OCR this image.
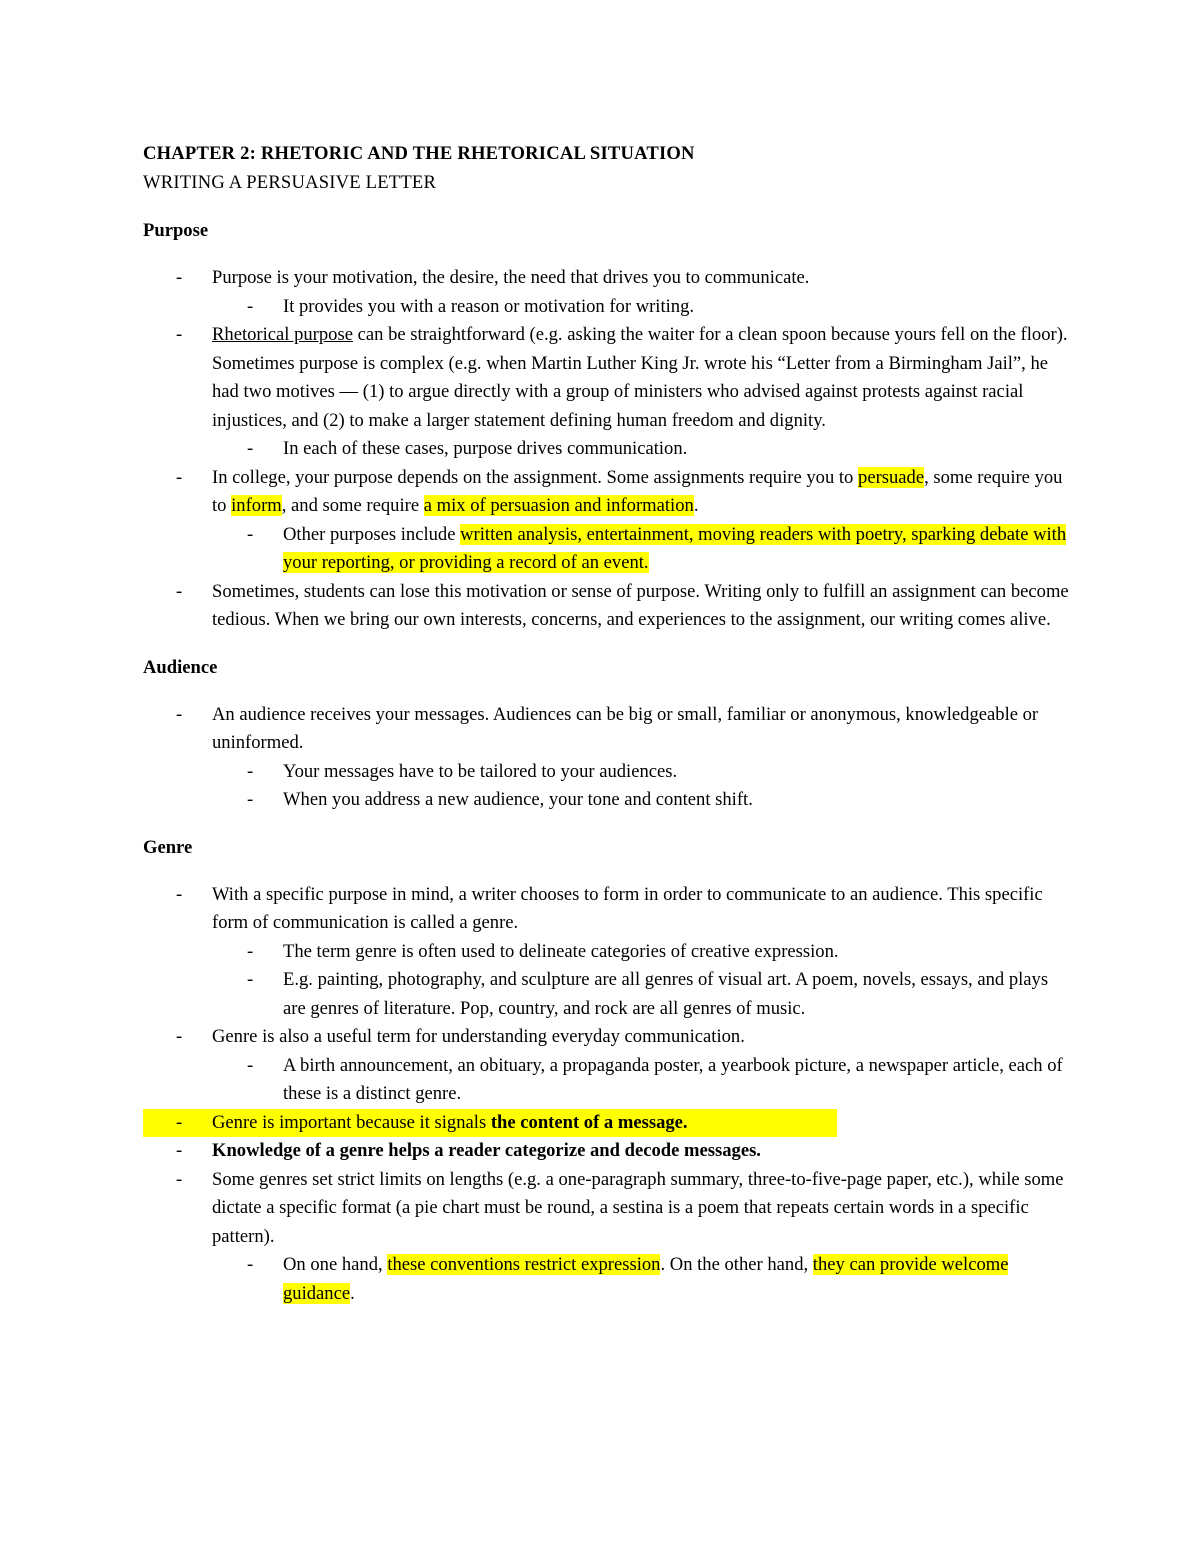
CHAPTER 2: RHETORIC AND THE RHETORICAL SITUATION
WRITING A PERSUASIVE LETTER
Purpose
- Purpose is your motivation, the desire, the need that drives you to communicate.
- It provides you with a reason or motivation for writing.
- Rhetorical purpose can be straightforward (e.g. asking the waiter for a clean spoon because yours fell on the floor). Sometimes purpose is complex (e.g. when Martin Luther King Jr. wrote his “Letter from a Birmingham Jail”, he had two motives — (1) to argue directly with a group of ministers who advised against protests against racial injustices, and (2) to make a larger statement defining human freedom and dignity.
- In each of these cases, purpose drives communication.
- In college, your purpose depends on the assignment. Some assignments require you to persuade, some require you to inform, and some require a mix of persuasion and information.
- Other purposes include written analysis, entertainment, moving readers with poetry, sparking debate with your reporting, or providing a record of an event.
- Sometimes, students can lose this motivation or sense of purpose. Writing only to fulfill an assignment can become tedious. When we bring our own interests, concerns, and experiences to the assignment, our writing comes alive.
Audience
- An audience receives your messages. Audiences can be big or small, familiar or anonymous, knowledgeable or uninformed.
- Your messages have to be tailored to your audiences.
- When you address a new audience, your tone and content shift.
Genre
- With a specific purpose in mind, a writer chooses to form in order to communicate to an audience. This specific form of communication is called a genre.
- The term genre is often used to delineate categories of creative expression.
- E.g. painting, photography, and sculpture are all genres of visual art. A poem, novels, essays, and plays are genres of literature. Pop, country, and rock are all genres of music.
- Genre is also a useful term for understanding everyday communication.
- A birth announcement, an obituary, a propaganda poster, a yearbook picture, a newspaper article, each of these is a distinct genre.
- Genre is important because it signals the content of a message.
- Knowledge of a genre helps a reader categorize and decode messages.
- Some genres set strict limits on lengths (e.g. a one-paragraph summary, three-to-five-page paper, etc.), while some dictate a specific format (a pie chart must be round, a sestina is a poem that repeats certain words in a specific pattern).
- On one hand, these conventions restrict expression. On the other hand, they can provide welcome guidance.
